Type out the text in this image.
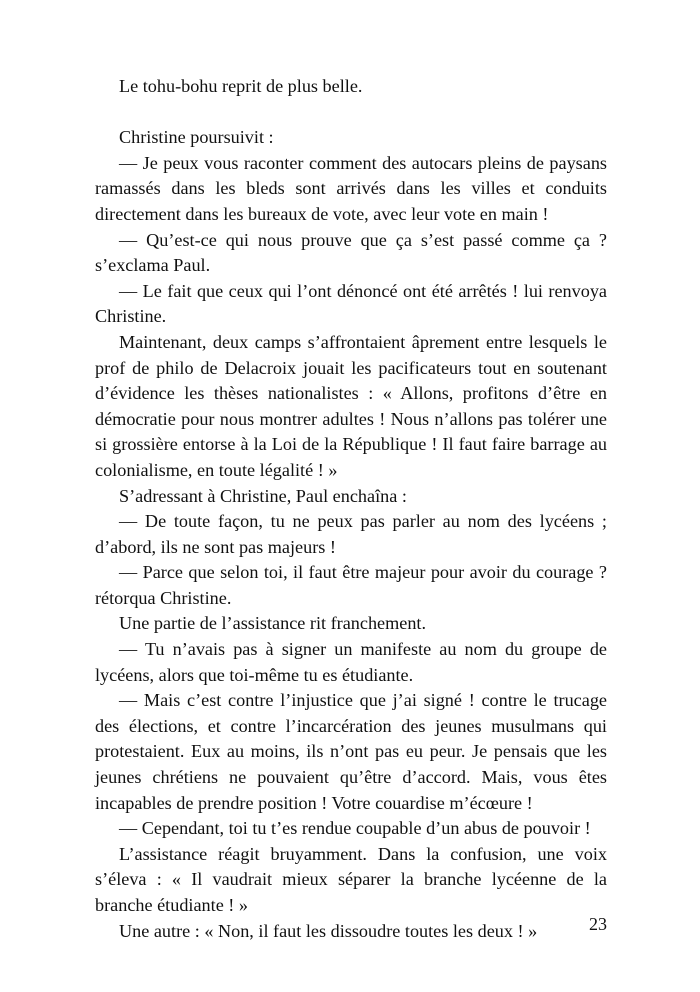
Le tohu-bohu reprit de plus belle.

Christine poursuivit :

— Je peux vous raconter comment des autocars pleins de paysans ramassés dans les bleds sont arrivés dans les villes et conduits directement dans les bureaux de vote, avec leur vote en main !

— Qu’est-ce qui nous prouve que ça s’est passé comme ça ? s’exclama Paul.

— Le fait que ceux qui l’ont dénoncé ont été arrêtés ! lui renvoya Christine.

Maintenant, deux camps s’affrontaient âprement entre lesquels le prof de philo de Delacroix jouait les pacificateurs tout en soutenant d’évidence les thèses nationalistes : « Allons, profitons d’être en démocratie pour nous montrer adultes ! Nous n’allons pas tolérer une si grossière entorse à la Loi de la République ! Il faut faire barrage au colonialisme, en toute légalité ! »

S’adressant à Christine, Paul enchaîna :

— De toute façon, tu ne peux pas parler au nom des lycéens ; d’abord, ils ne sont pas majeurs !

— Parce que selon toi, il faut être majeur pour avoir du courage ? rétorqua Christine.

Une partie de l’assistance rit franchement.

— Tu n’avais pas à signer un manifeste au nom du groupe de lycéens, alors que toi-même tu es étudiante.

— Mais c’est contre l’injustice que j’ai signé ! contre le trucage des élections, et contre l’incarcération des jeunes musulmans qui protestaient. Eux au moins, ils n’ont pas eu peur. Je pensais que les jeunes chrétiens ne pouvaient qu’être d’accord. Mais, vous êtes incapables de prendre position ! Votre couardise m’écœure !

— Cependant, toi tu t’es rendue coupable d’un abus de pouvoir !

L’assistance réagit bruyamment. Dans la confusion, une voix s’éleva : « Il vaudrait mieux séparer la branche lycéenne de la branche étudiante ! »

Une autre : « Non, il faut les dissoudre toutes les deux ! »	23
